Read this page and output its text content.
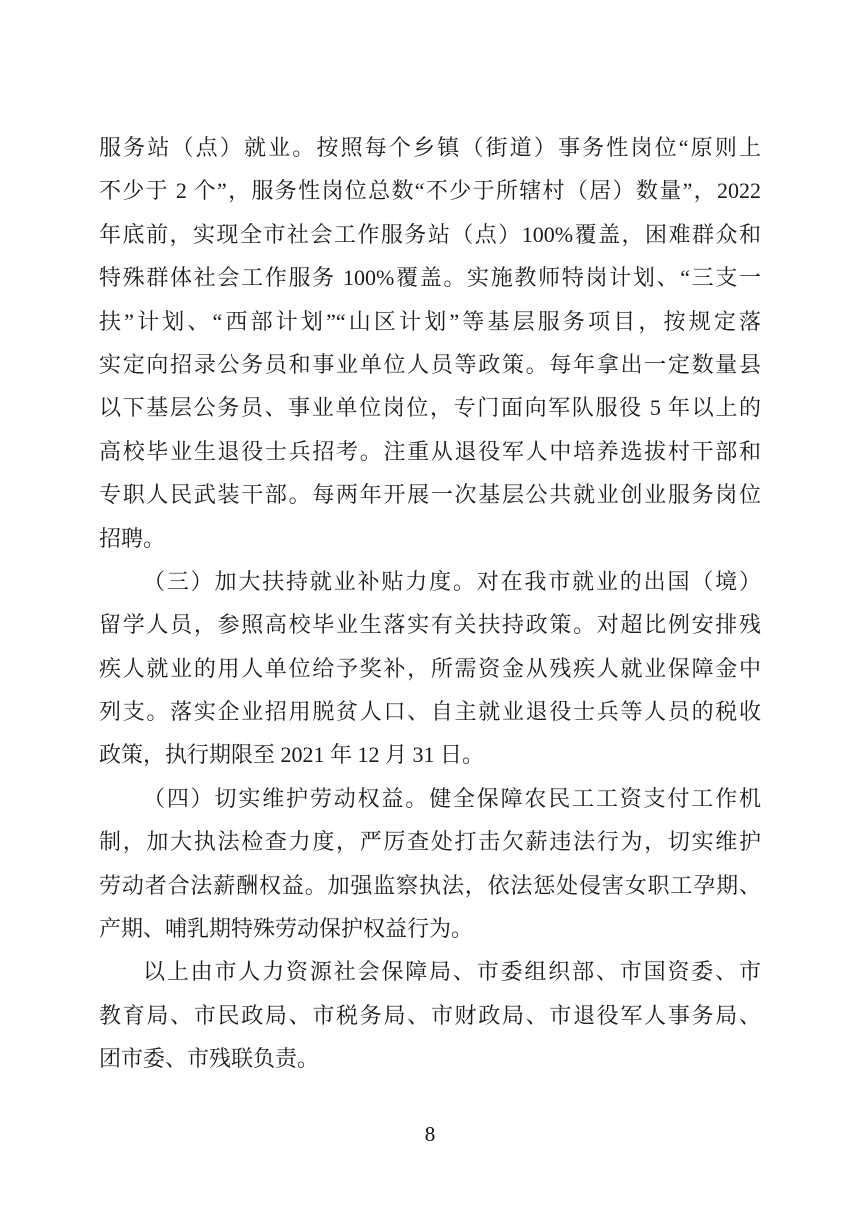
服务站（点）就业。按照每个乡镇（街道）事务性岗位“原则上
不少于 2 个”，服务性岗位总数“不少于所辖村（居）数量”，2022
年底前，实现全市社会工作服务站（点）100%覆盖，困难群众和
特殊群体社会工作服务 100%覆盖。实施教师特岗计划、“三支一
扶”计划、“西部计划”“山区计划”等基层服务项目，按规定落
实定向招录公务员和事业单位人员等政策。每年拿出一定数量县
以下基层公务员、事业单位岗位，专门面向军队服役 5 年以上的
高校毕业生退役士兵招考。注重从退役军人中培养选拔村干部和
专职人民武装干部。每两年开展一次基层公共就业创业服务岗位
招聘。
（三）加大扶持就业补贴力度。对在我市就业的出国（境）
留学人员，参照高校毕业生落实有关扶持政策。对超比例安排残
疾人就业的用人单位给予奖补，所需资金从残疾人就业保障金中
列支。落实企业招用脱贫人口、自主就业退役士兵等人员的税收
政策，执行期限至 2021 年 12 月 31 日。
（四）切实维护劳动权益。健全保障农民工工资支付工作机
制，加大执法检查力度，严厉查处打击欠薪违法行为，切实维护
劳动者合法薪酬权益。加强监察执法，依法惩处侵害女职工孕期、
产期、哺乳期特殊劳动保护权益行为。
以上由市人力资源社会保障局、市委组织部、市国资委、市
教育局、市民政局、市税务局、市财政局、市退役军人事务局、
团市委、市残联负责。
8
